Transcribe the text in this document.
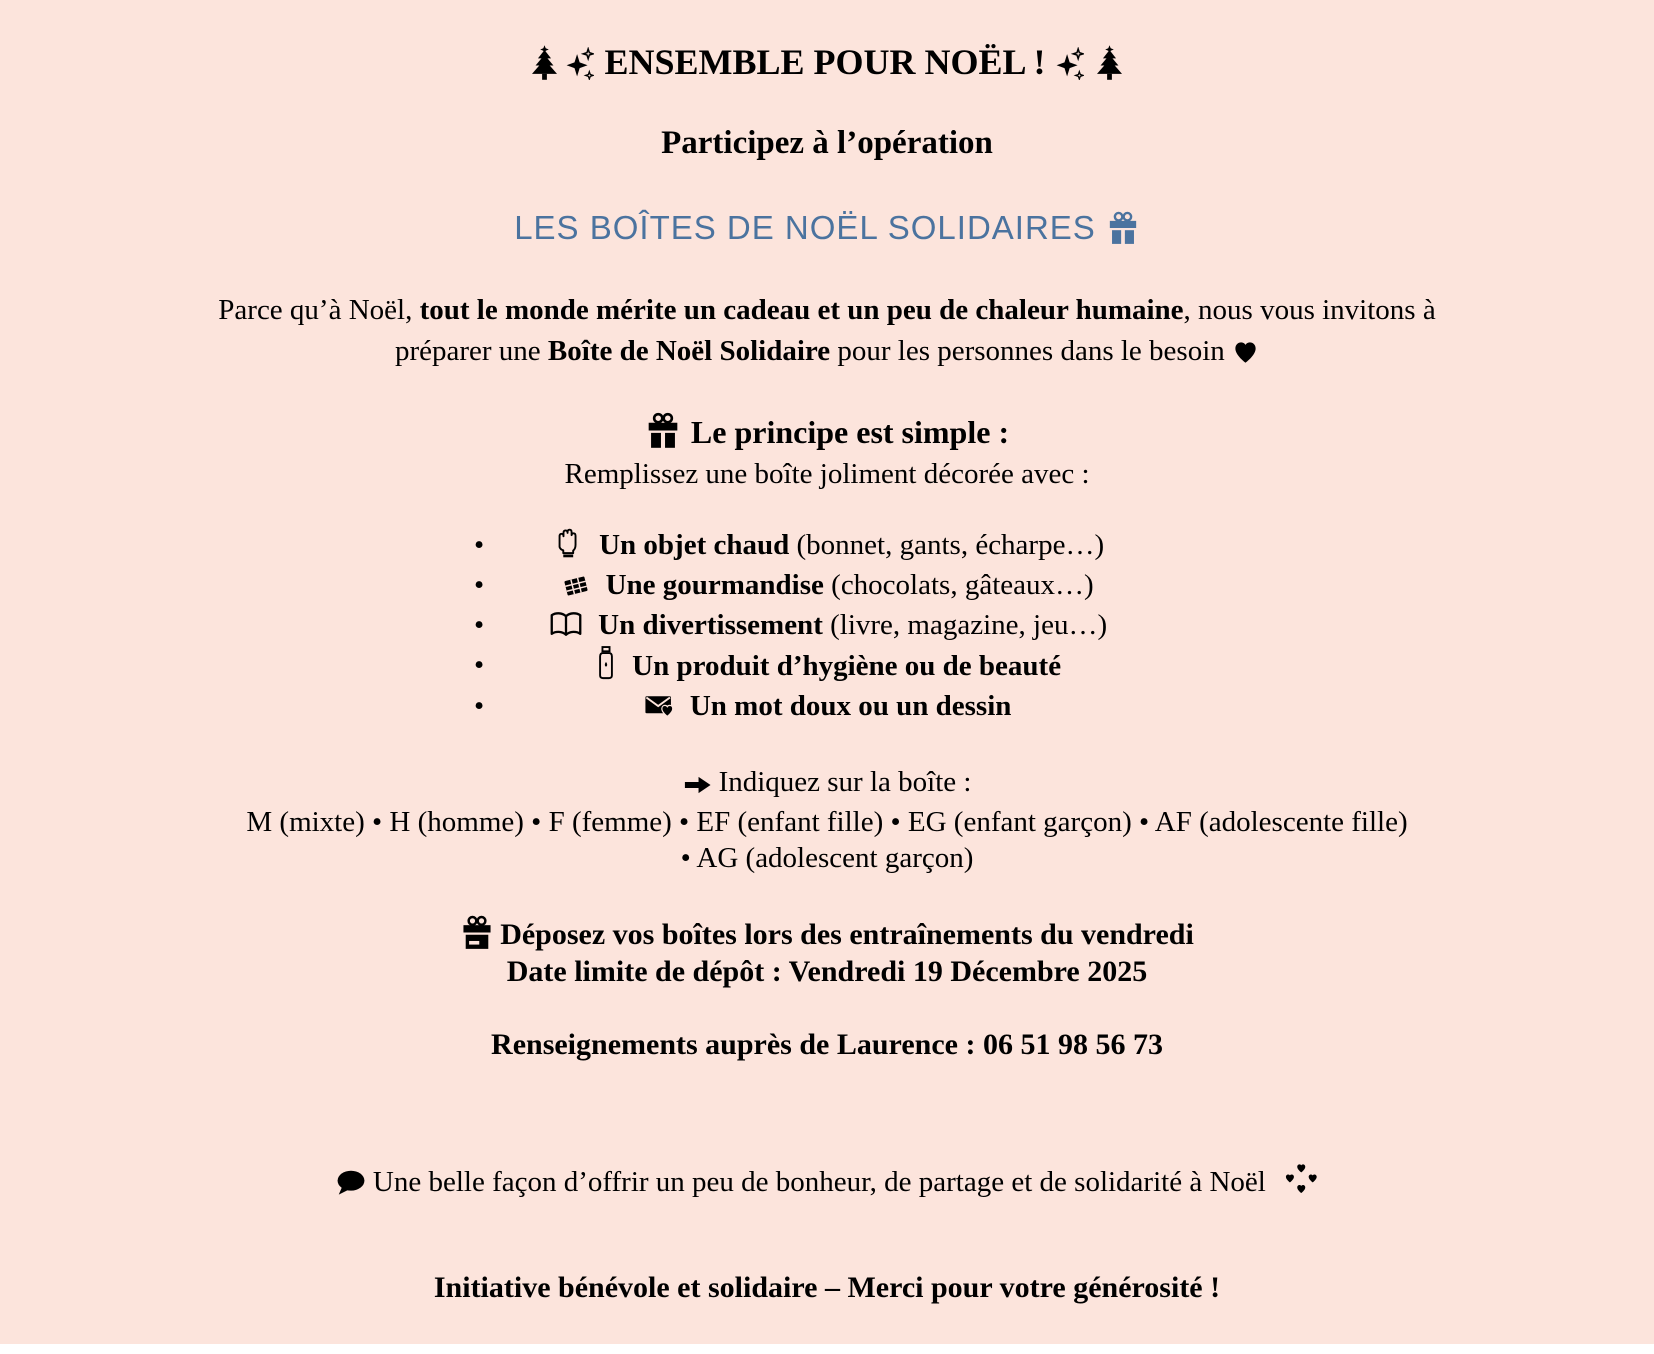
ENSEMBLE POUR NOËL !
Participez à l’opération
LES BOÎTES DE NOËL SOLIDAIRES

Parce qu’à Noël, tout le monde mérite un cadeau et un peu de chaleur humaine, nous vous invitons à préparer une Boîte de Noël Solidaire pour les personnes dans le besoin

Le principe est simple :

Remplissez une boîte joliment décorée avec :

•	Un objet chaud (bonnet, gants, écharpe…)
•	Une gourmandise (chocolats, gâteaux…)
•	Un divertissement (livre, magazine, jeu…)
•	Un produit d’hygiène ou de beauté
•	Un mot doux ou un dessin

Indiquez sur la boîte :

M (mixte) • H (homme) • F (femme) • EF (enfant fille) • EG (enfant garçon) • AF (adolescente fille)
• AG (adolescent garçon)
Déposez vos boîtes lors des entraînements du vendredi
Date limite de dépôt : Vendredi 19 Décembre 2025

Renseignements auprès de Laurence : 06 51 98 56 73

Une belle façon d’offrir un peu de bonheur, de partage et de solidarité à Noël

Initiative bénévole et solidaire – Merci pour votre générosité !
